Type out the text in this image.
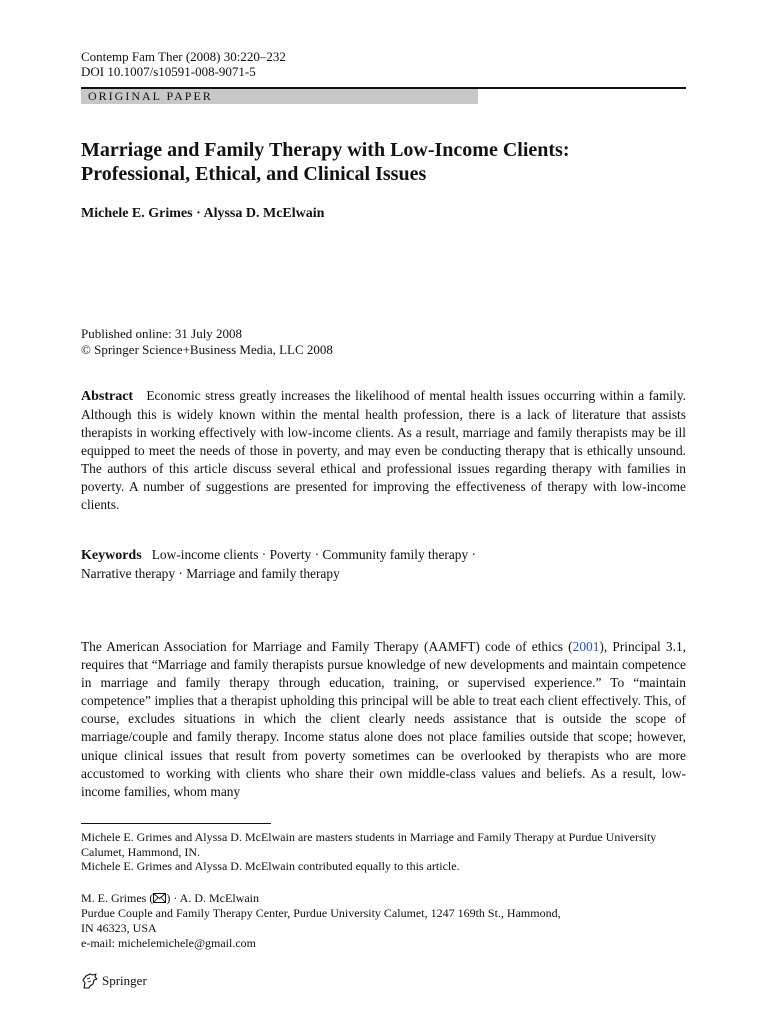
Contemp Fam Ther (2008) 30:220–232
DOI 10.1007/s10591-008-9071-5
ORIGINAL PAPER
Marriage and Family Therapy with Low-Income Clients:
Professional, Ethical, and Clinical Issues
Michele E. Grimes · Alyssa D. McElwain
Published online: 31 July 2008
© Springer Science+Business Media, LLC 2008
Abstract Economic stress greatly increases the likelihood of mental health issues occurring within a family. Although this is widely known within the mental health profession, there is a lack of literature that assists therapists in working effectively with low-income clients. As a result, marriage and family therapists may be ill equipped to meet the needs of those in poverty, and may even be conducting therapy that is ethically unsound. The authors of this article discuss several ethical and professional issues regarding therapy with families in poverty. A number of suggestions are presented for improving the effectiveness of therapy with low-income clients.
Keywords Low-income clients · Poverty · Community family therapy ·
Narrative therapy · Marriage and family therapy
The American Association for Marriage and Family Therapy (AAMFT) code of ethics (2001), Principal 3.1, requires that “Marriage and family therapists pursue knowledge of new developments and maintain competence in marriage and family therapy through education, training, or supervised experience.” To “maintain competence” implies that a therapist upholding this principal will be able to treat each client effectively. This, of course, excludes situations in which the client clearly needs assistance that is outside the scope of marriage/couple and family therapy. Income status alone does not place families outside that scope; however, unique clinical issues that result from poverty sometimes can be overlooked by therapists who are more accustomed to working with clients who share their own middle-class values and beliefs. As a result, low-income families, whom many
Michele E. Grimes and Alyssa D. McElwain are masters students in Marriage and Family Therapy at Purdue University Calumet, Hammond, IN.
Michele E. Grimes and Alyssa D. McElwain contributed equally to this article.
M. E. Grimes ( ) · A. D. McElwain
Purdue Couple and Family Therapy Center, Purdue University Calumet, 1247 169th St., Hammond,
IN 46323, USA
e-mail: michelemichele@gmail.com
Springer
